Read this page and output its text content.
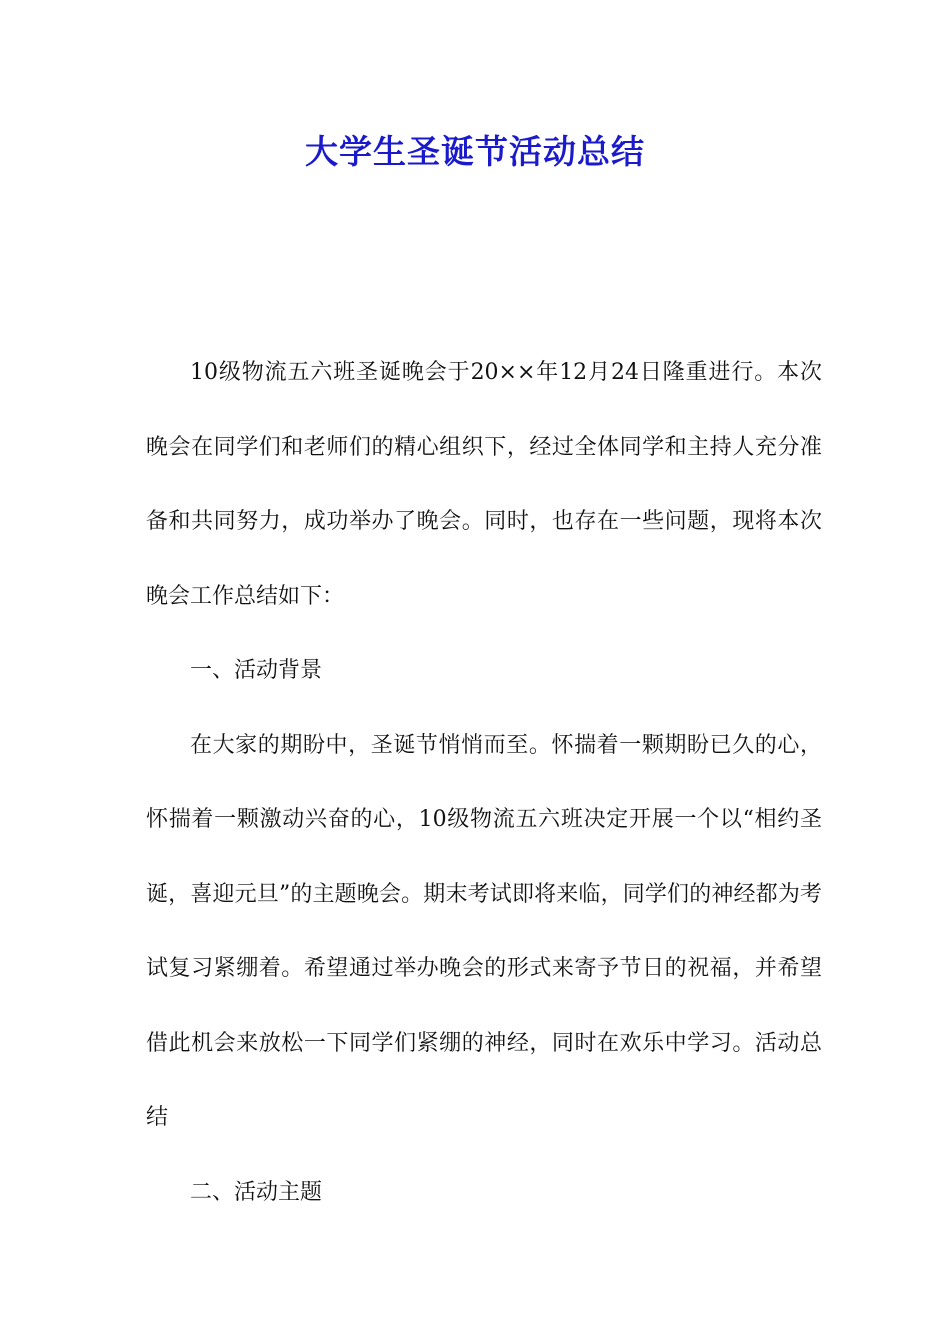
大学生圣诞节活动总结

10级物流五六班圣诞晚会于20××年12月24日隆重进行。本次晚会在同学们和老师们的精心组织下，经过全体同学和主持人充分准备和共同努力，成功举办了晚会。同时，也存在一些问题，现将本次晚会工作总结如下：

一、活动背景

在大家的期盼中，圣诞节悄悄而至。怀揣着一颗期盼已久的心，怀揣着一颗激动兴奋的心，10级物流五六班决定开展一个以“相约圣诞，喜迎元旦”的主题晚会。期末考试即将来临，同学们的神经都为考试复习紧绷着。希望通过举办晚会的形式来寄予节日的祝福，并希望借此机会来放松一下同学们紧绷的神经，同时在欢乐中学习。活动总结

二、活动主题
